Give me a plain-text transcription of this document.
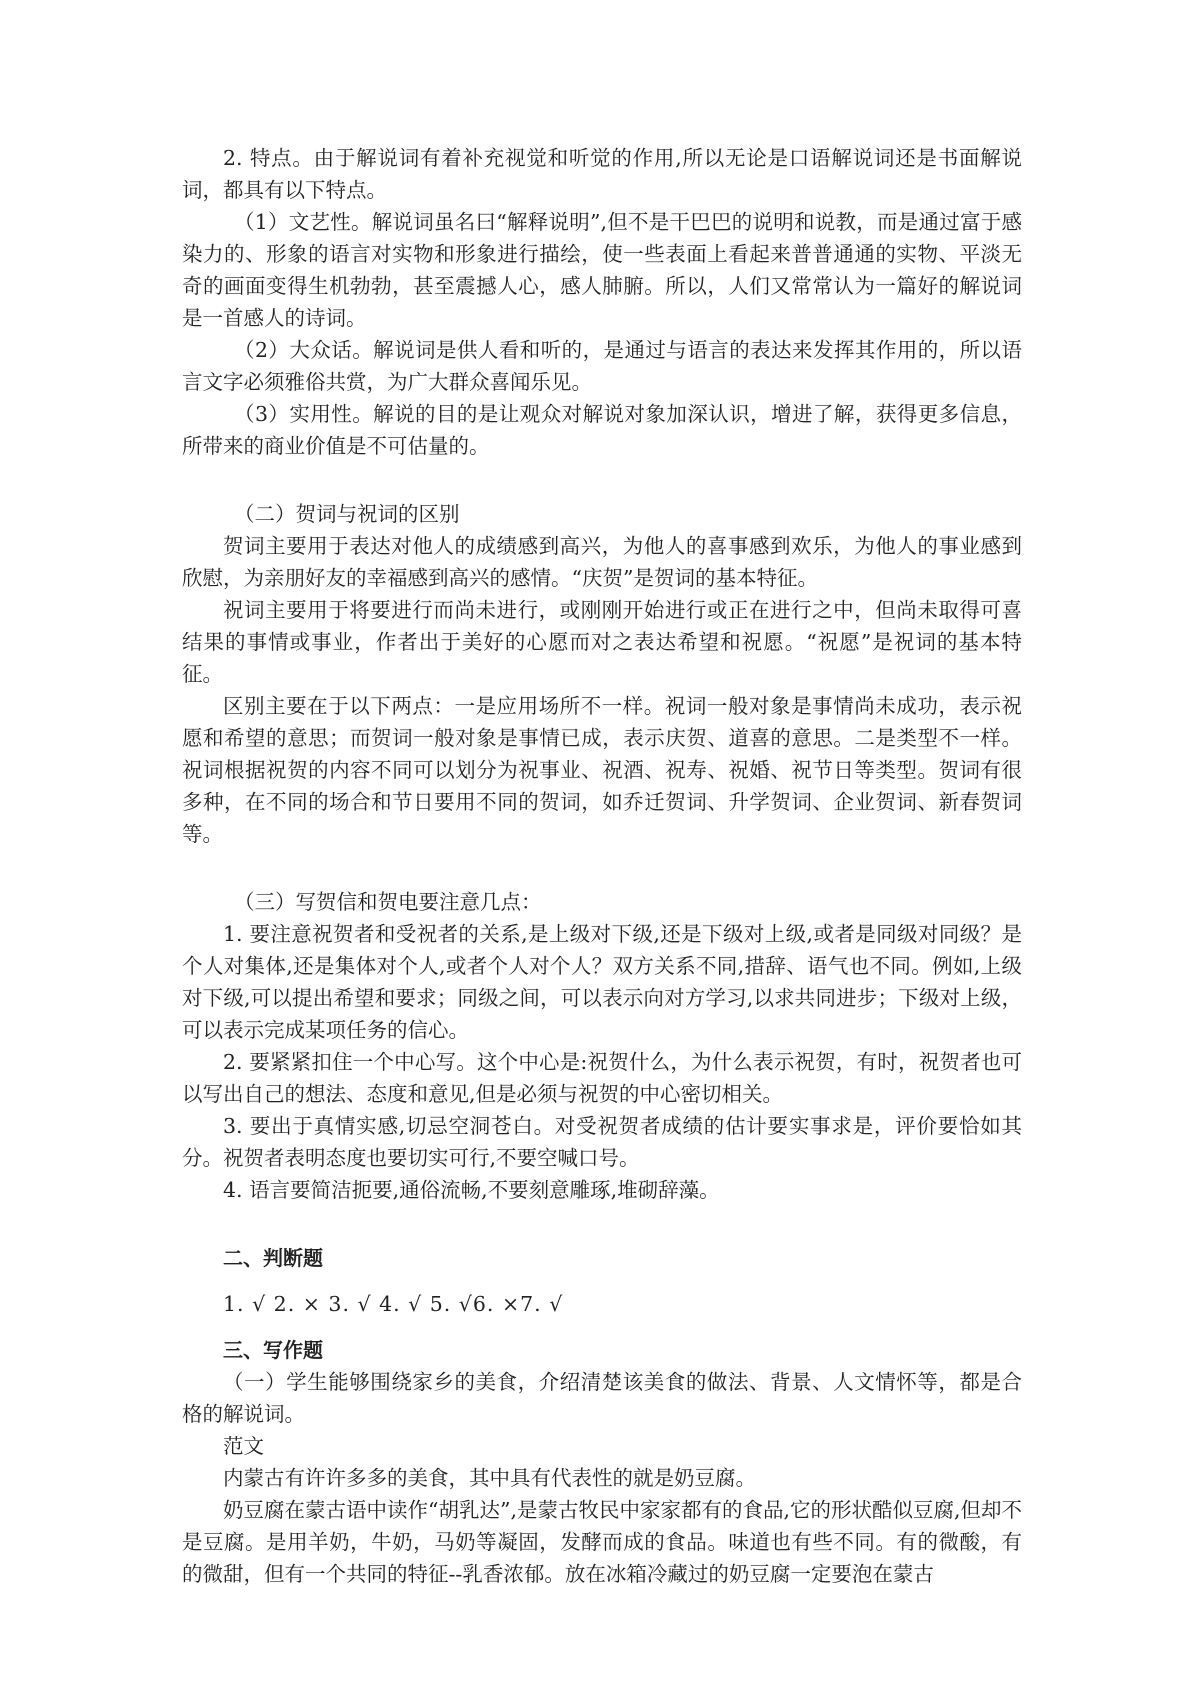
2. 特点。由于解说词有着补充视觉和听觉的作用,所以无论是口语解说词还是书面解说词，都具有以下特点。

（1）文艺性。解说词虽名曰“解释说明”,但不是干巴巴的说明和说教，而是通过富于感染力的、形象的语言对实物和形象进行描绘，使一些表面上看起来普普通通的实物、平淡无奇的画面变得生机勃勃，甚至震撼人心，感人肺腑。所以，人们又常常认为一篇好的解说词是一首感人的诗词。

（2）大众话。解说词是供人看和听的，是通过与语言的表达来发挥其作用的，所以语言文字必须雅俗共赏，为广大群众喜闻乐见。

（3）实用性。解说的目的是让观众对解说对象加深认识，增进了解，获得更多信息，所带来的商业价值是不可估量的。

（二）贺词与祝词的区别

贺词主要用于表达对他人的成绩感到高兴，为他人的喜事感到欢乐，为他人的事业感到欣慰，为亲朋好友的幸福感到高兴的感情。“庆贺”是贺词的基本特征。

祝词主要用于将要进行而尚未进行，或刚刚开始进行或正在进行之中，但尚未取得可喜结果的事情或事业，作者出于美好的心愿而对之表达希望和祝愿。“祝愿”是祝词的基本特征。

区别主要在于以下两点：一是应用场所不一样。祝词一般对象是事情尚未成功，表示祝愿和希望的意思；而贺词一般对象是事情已成，表示庆贺、道喜的意思。二是类型不一样。祝词根据祝贺的内容不同可以划分为祝事业、祝酒、祝寿、祝婚、祝节日等类型。贺词有很多种，在不同的场合和节日要用不同的贺词，如乔迁贺词、升学贺词、企业贺词、新春贺词等。

（三）写贺信和贺电要注意几点：

1. 要注意祝贺者和受祝者的关系,是上级对下级,还是下级对上级,或者是同级对同级？是个人对集体,还是集体对个人,或者个人对个人？双方关系不同,措辞、语气也不同。例如,上级对下级,可以提出希望和要求；同级之间，可以表示向对方学习,以求共同进步；下级对上级，可以表示完成某项任务的信心。

2. 要紧紧扣住一个中心写。这个中心是:祝贺什么，为什么表示祝贺，有时，祝贺者也可以写出自己的想法、态度和意见,但是必须与祝贺的中心密切相关。

3. 要出于真情实感,切忌空洞苍白。对受祝贺者成绩的估计要实事求是，评价要恰如其分。祝贺者表明态度也要切实可行,不要空喊口号。

4. 语言要简洁扼要,通俗流畅,不要刻意雕琢,堆砌辞藻。

二、判断题

1. √ 2. × 3. √ 4. √ 5. √6. ×7. √

三、写作题

（一）学生能够围绕家乡的美食，介绍清楚该美食的做法、背景、人文情怀等，都是合格的解说词。

范文

内蒙古有许许多多的美食，其中具有代表性的就是奶豆腐。

奶豆腐在蒙古语中读作“胡乳达”,是蒙古牧民中家家都有的食品,它的形状酷似豆腐,但却不是豆腐。是用羊奶，牛奶，马奶等凝固，发酵而成的食品。味道也有些不同。有的微酸，有的微甜，但有一个共同的特征--乳香浓郁。放在冰箱冷藏过的奶豆腐一定要泡在蒙古
